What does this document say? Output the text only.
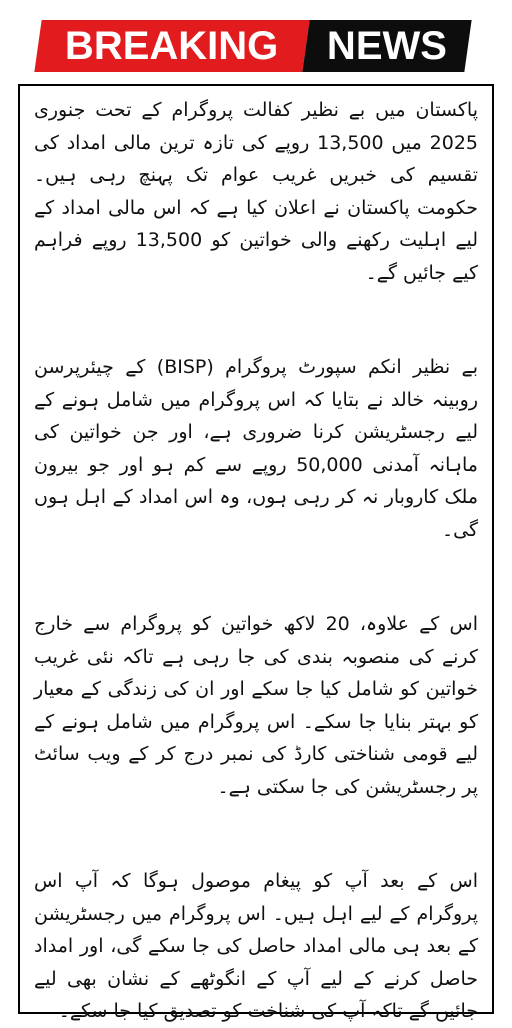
BREAKING NEWS

پاکستان میں بے نظیر کفالت پروگرام کے تحت جنوری 2025 میں 13,500 روپے کی تازہ ترین مالی امداد کی تقسیم کی خبریں غریب عوام تک پہنچ رہی ہیں۔ حکومت پاکستان نے اعلان کیا ہے کہ اس مالی امداد کے لیے اہلیت رکھنے والی خواتین کو 13,500 روپے فراہم کیے جائیں گے۔

بے نظیر انکم سپورٹ پروگرام (BISP) کے چیئرپرسن روبینہ خالد نے بتایا کہ اس پروگرام میں شامل ہونے کے لیے رجسٹریشن کرنا ضروری ہے، اور جن خواتین کی ماہانہ آمدنی 50,000 روپے سے کم ہو اور جو بیرون ملک کاروبار نہ کر رہی ہوں، وہ اس امداد کے اہل ہوں گی۔

اس کے علاوہ، 20 لاکھ خواتین کو پروگرام سے خارج کرنے کی منصوبہ بندی کی جا رہی ہے تاکہ نئی غریب خواتین کو شامل کیا جا سکے اور ان کی زندگی کے معیار کو بہتر بنایا جا سکے۔ اس پروگرام میں شامل ہونے کے لیے قومی شناختی کارڈ کی نمبر درج کر کے ویب سائٹ پر رجسٹریشن کی جا سکتی ہے۔

اس کے بعد آپ کو پیغام موصول ہوگا کہ آپ اس پروگرام کے لیے اہل ہیں۔ اس پروگرام میں رجسٹریشن کے بعد ہی مالی امداد حاصل کی جا سکے گی، اور امداد حاصل کرنے کے لیے آپ کے انگوٹھے کے نشان بھی لیے جائیں گے تاکہ آپ کی شناخت کو تصدیق کیا جا سکے۔
